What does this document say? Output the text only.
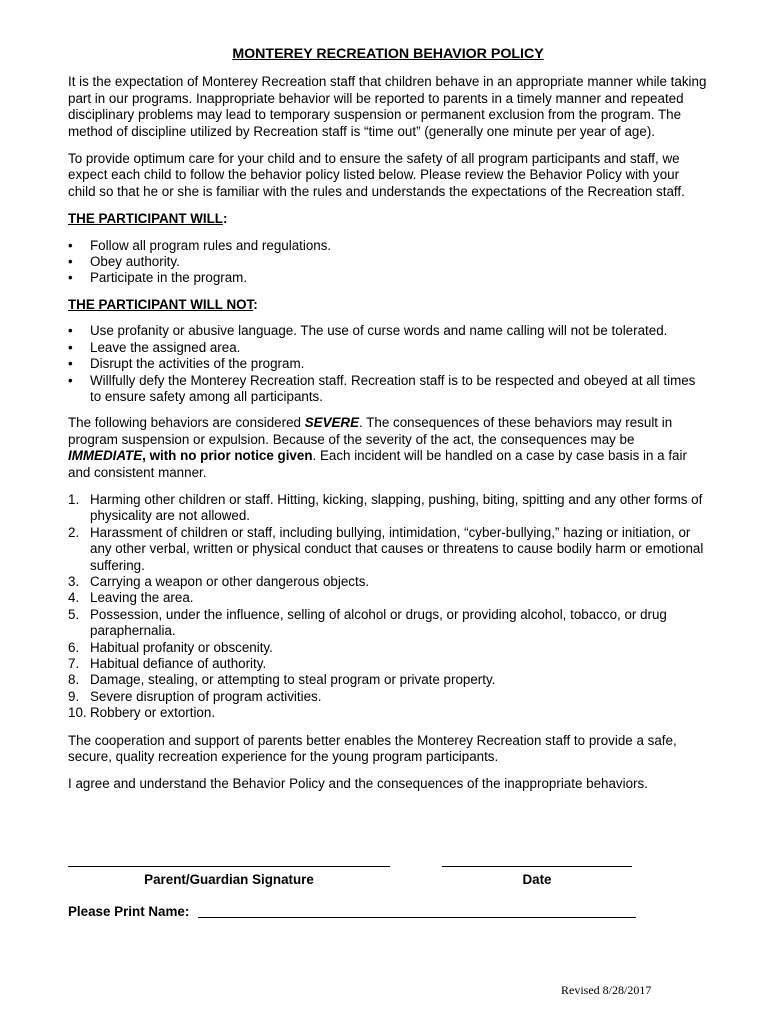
MONTEREY RECREATION BEHAVIOR POLICY

It is the expectation of Monterey Recreation staff that children behave in an appropriate manner while taking part in our programs. Inappropriate behavior will be reported to parents in a timely manner and repeated disciplinary problems may lead to temporary suspension or permanent exclusion from the program. The method of discipline utilized by Recreation staff is “time out” (generally one minute per year of age).

To provide optimum care for your child and to ensure the safety of all program participants and staff, we expect each child to follow the behavior policy listed below. Please review the Behavior Policy with your child so that he or she is familiar with the rules and understands the expectations of the Recreation staff.

THE PARTICIPANT WILL:
• Follow all program rules and regulations.
• Obey authority.
• Participate in the program.
THE PARTICIPANT WILL NOT:
• Use profanity or abusive language. The use of curse words and name calling will not be tolerated.
• Leave the assigned area.
• Disrupt the activities of the program.
• Willfully defy the Monterey Recreation staff. Recreation staff is to be respected and obeyed at all times to ensure safety among all participants.

The following behaviors are considered SEVERE. The consequences of these behaviors may result in program suspension or expulsion. Because of the severity of the act, the consequences may be IMMEDIATE, with no prior notice given. Each incident will be handled on a case by case basis in a fair and consistent manner.

1. Harming other children or staff. Hitting, kicking, slapping, pushing, biting, spitting and any other forms of physicality are not allowed.
2. Harassment of children or staff, including bullying, intimidation, “cyber-bullying,” hazing or initiation, or any other verbal, written or physical conduct that causes or threatens to cause bodily harm or emotional suffering.
3. Carrying a weapon or other dangerous objects.
4. Leaving the area.
5. Possession, under the influence, selling of alcohol or drugs, or providing alcohol, tobacco, or drug paraphernalia.
6. Habitual profanity or obscenity.
7. Habitual defiance of authority.
8. Damage, stealing, or attempting to steal program or private property.
9. Severe disruption of program activities.
10. Robbery or extortion.

The cooperation and support of parents better enables the Monterey Recreation staff to provide a safe, secure, quality recreation experience for the young program participants.

I agree and understand the Behavior Policy and the consequences of the inappropriate behaviors.

Parent/Guardian Signature	Date
Please Print Name:
Revised 8/28/2017
